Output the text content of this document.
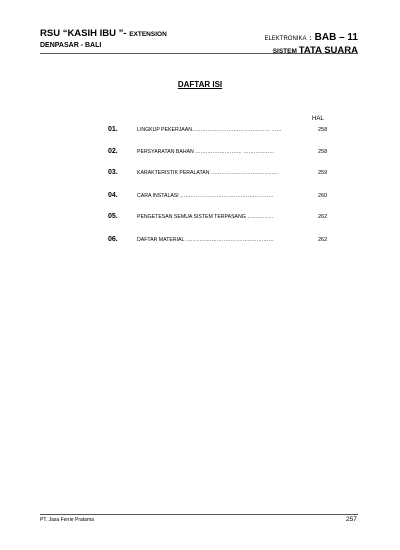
RSU “KASIH IBU ”- EXTENSION
DENPASAR - BALI
ELEKTRONIKA : BAB – 11
SISTEM TATA SUARA
DAFTAR ISI
HAL
01.	LINGKUP PEKERJAAN……………………………………… ……	258
02.	PERSYARATAN BAHAN ……………………… ………………	258
03.	KARAKTERISTIK PERALATAN …………………………………	259
04.	CARA INSTALASI ………………………………………………	260
05.	PENGETESAN SEMUA SISTEM TERPASANG ……………	262
06.	DAFTAR MATERIAL ……………………………………………	262
PT. Jasa Ferrie Pratama	257
